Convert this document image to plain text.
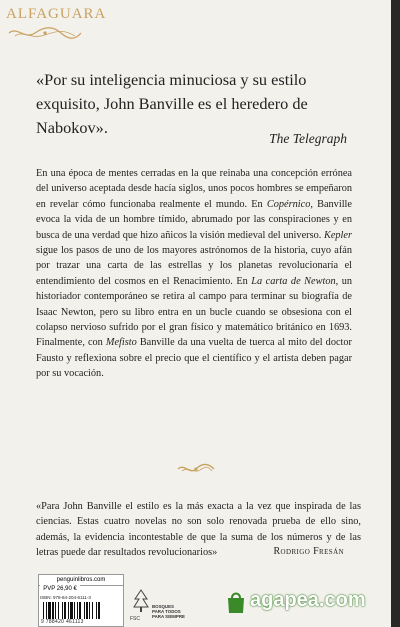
ALFAGUARA
«Por su inteligencia minuciosa y su estilo exquisito, John Banville es el heredero de Nabokov».
The Telegraph
En una época de mentes cerradas en la que reinaba una concepción errónea del universo aceptada desde hacía siglos, unos pocos hombres se empeñaron en revelar cómo funcionaba realmente el mundo. En Copérnico, Banville evoca la vida de un hombre tímido, abrumado por las conspiraciones y en busca de una verdad que hizo añicos la visión medieval del universo. Kepler sigue los pasos de uno de los mayores astrónomos de la historia, cuyo afán por trazar una carta de las estrellas y los planetas revolucionaría el entendimiento del cosmos en el Renacimiento. En La carta de Newton, un historiador contemporáneo se retira al campo para terminar su biografía de Isaac Newton, pero su libro entra en un bucle cuando se obsesiona con el colapso nervioso sufrido por el gran físico y matemático británico en 1693. Finalmente, con Mefisto Banville da una vuelta de tuerca al mito del doctor Fausto y reflexiona sobre el precio que el científico y el artista deben pagar por su vocación.
«Para John Banville el estilo es la más exacta a la vez que inspirada de las ciencias. Estas cuatro novelas no son solo renovada prueba de ello sino, además, la evidencia incontestable de que la suma de los números y de las letras puede dar resultados revolucionarios»	Rodrigo Fresán
penguinlibros.com
PVP 26,90 €
ISBN: 978-84-204-6111-3
9 788420 461113	FSC
BOSQUES
PARA TODOS
PARA SIEMPRE
agapea.com
